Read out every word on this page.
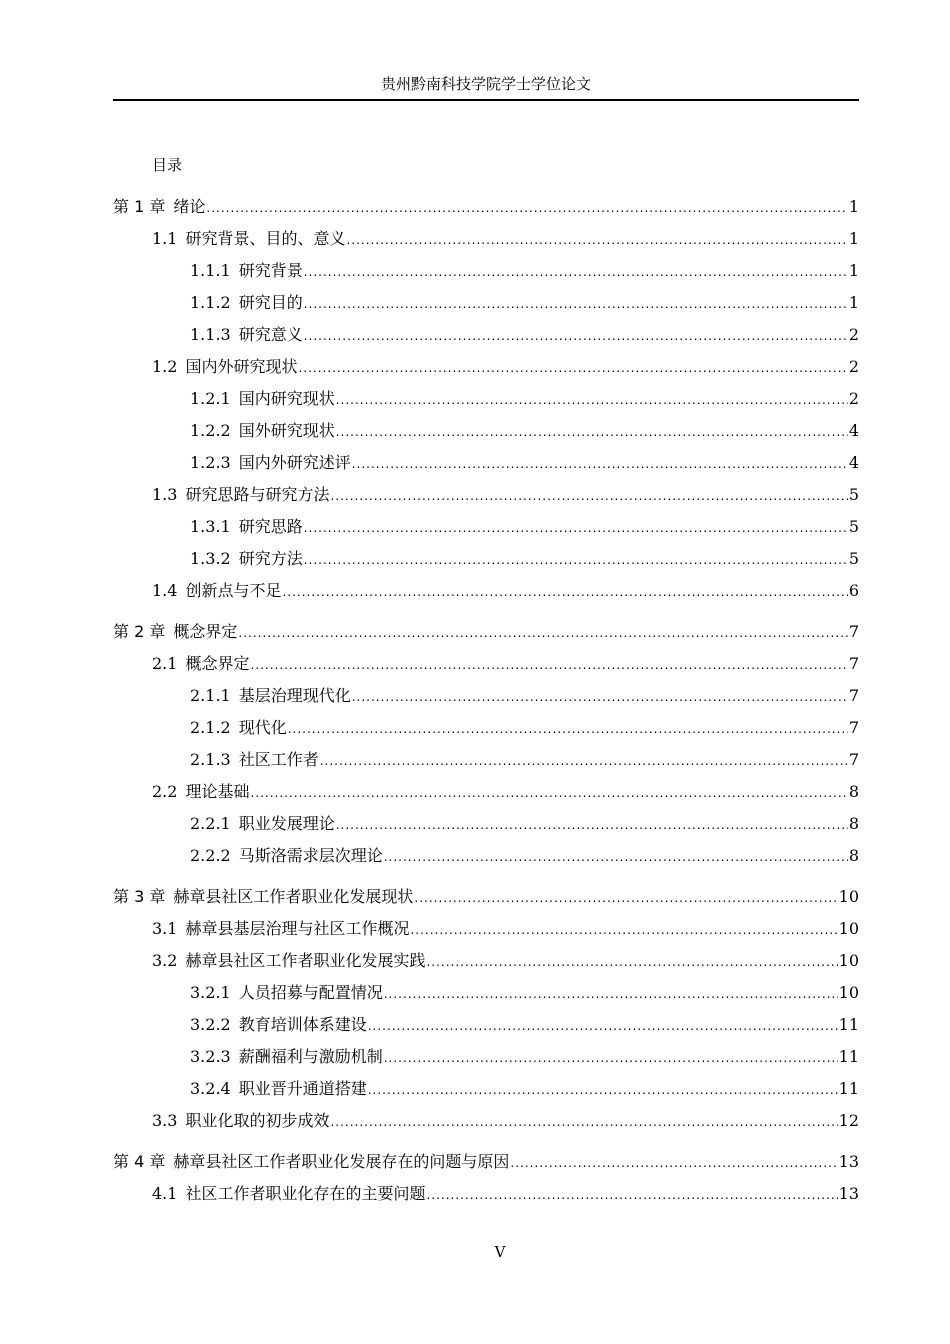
贵州黔南科技学院学士学位论文
目录
第 1 章 绪论 .....	1
1.1 研究背景、目的、意义 .....	1
1.1.1 研究背景 .....	1
1.1.2 研究目的 .....	1
1.1.3 研究意义 .....	2
1.2 国内外研究现状 .....	2
1.2.1 国内研究现状 .....	2
1.2.2 国外研究现状 .....	4
1.2.3 国内外研究述评 .....	4
1.3 研究思路与研究方法 .....	5
1.3.1 研究思路 .....	5
1.3.2 研究方法 .....	5
1.4 创新点与不足 .....	6
第 2 章 概念界定 .....	7
2.1 概念界定 .....	7
2.1.1 基层治理现代化 .....	7
2.1.2 现代化 .....	7
2.1.3 社区工作者 .....	7
2.2 理论基础 .....	8
2.2.1 职业发展理论 .....	8
2.2.2 马斯洛需求层次理论 .....	8
第 3 章 赫章县社区工作者职业化发展现状 .....	10
3.1 赫章县基层治理与社区工作概况 .....	10
3.2 赫章县社区工作者职业化发展实践 .....	10
3.2.1 人员招募与配置情况 .....	10
3.2.2 教育培训体系建设 .....	11
3.2.3 薪酬福利与激励机制 .....	11
3.2.4 职业晋升通道搭建 .....	11
3.3 职业化取的初步成效 .....	12
第 4 章 赫章县社区工作者职业化发展存在的问题与原因 .....	13
4.1 社区工作者职业化存在的主要问题 .....	13
V
